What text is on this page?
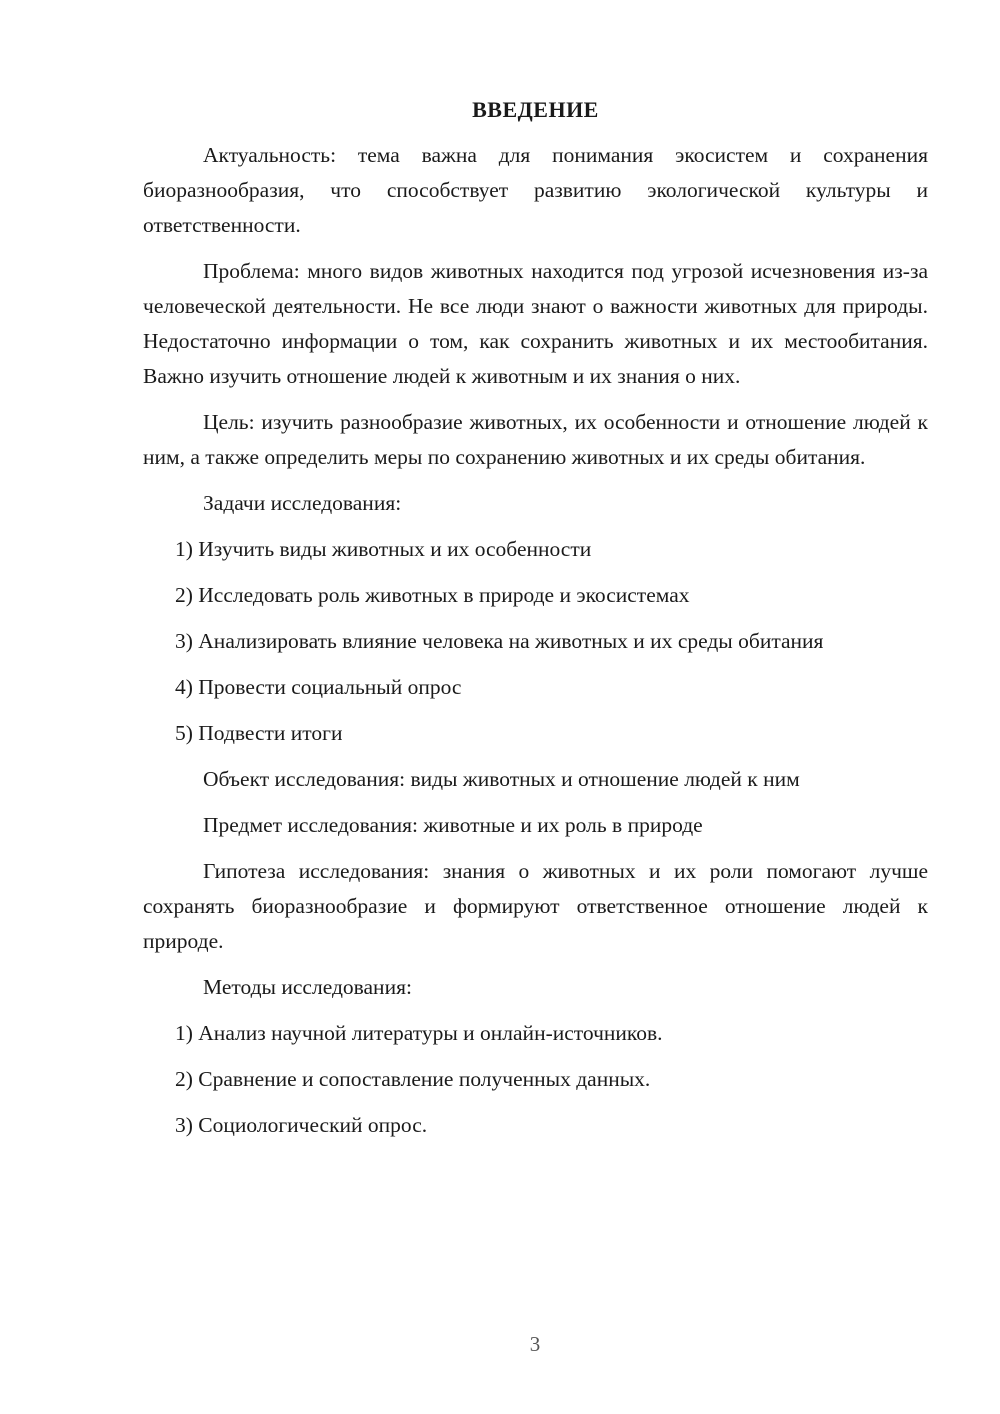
ВВЕДЕНИЕ

Актуальность: тема важна для понимания экосистем и сохранения биоразнообразия, что способствует развитию экологической культуры и ответственности.

Проблема: много видов животных находится под угрозой исчезновения из-за человеческой деятельности. Не все люди знают о важности животных для природы. Недостаточно информации о том, как сохранить животных и их местообитания. Важно изучить отношение людей к животным и их знания о них.

Цель: изучить разнообразие животных, их особенности и отношение людей к ним, а также определить меры по сохранению животных и их среды обитания.

Задачи исследования:
1) Изучить виды животных и их особенности
2) Исследовать роль животных в природе и экосистемах
3) Анализировать влияние человека на животных и их среды обитания
4) Провести социальный опрос
5) Подвести итоги
Объект исследования: виды животных и отношение людей к ним
Предмет исследования: животные и их роль в природе

Гипотеза исследования: знания о животных и их роли помогают лучше сохранять биоразнообразие и формируют ответственное отношение людей к природе.

Методы исследования:
1) Анализ научной литературы и онлайн-источников.
2) Сравнение и сопоставление полученных данных.
3) Социологический опрос.
3
